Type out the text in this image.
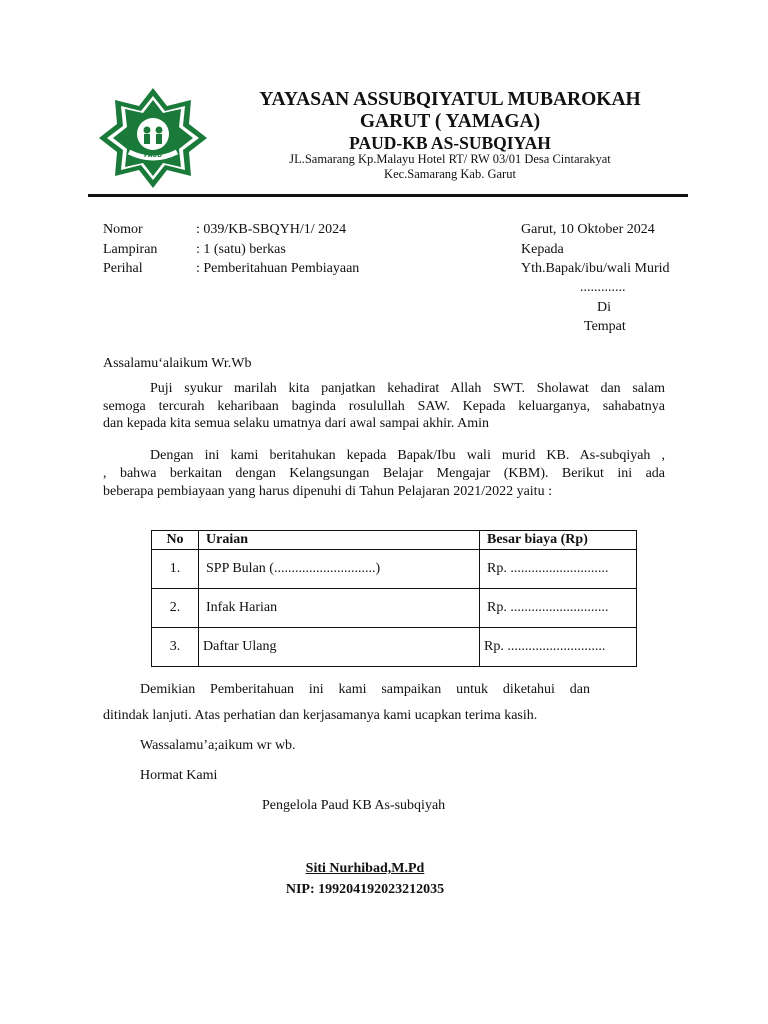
PAUD
YAYASAN ASSUBQIYATUL MUBAROKAH
GARUT ( YAMAGA)
PAUD-KB AS-SUBQIYAH
JL.Samarang Kp.Malayu Hotel RT/ RW 03/01 Desa Cintarakyat
Kec.Samarang Kab. Garut
Nomor	: 039/KB-SBQYH/1/ 2024
Lampiran	: 1 (satu) berkas
Perihal	: Pemberitahuan Pembiayaan
Garut, 10 Oktober 2024
Kepada
Yth.Bapak/ibu/wali Murid
.............
Di
Tempat
Assalamu‘alaikum Wr.Wb
Puji syukur marilah kita panjatkan kehadirat Allah SWT. Sholawat dan salam
semoga tercurah keharibaan baginda rosulullah SAW. Kepada keluarganya, sahabatnya
dan kepada kita semua selaku umatnya dari awal sampai akhir. Amin
Dengan ini kami beritahukan kepada Bapak/Ibu wali murid KB. As-subqiyah ,
, bahwa berkaitan dengan Kelangsungan Belajar Mengajar (KBM). Berikut ini ada
beberapa pembiayaan yang harus dipenuhi di Tahun Pelajaran 2021/2022 yaitu :
No	Uraian	Besar biaya (Rp)
1.	SPP Bulan (.............................)	Rp. ............................
2.	Infak Harian	Rp. ............................
3.	Daftar Ulang	Rp. ............................
Demikian Pemberitahuan ini kami sampaikan untuk diketahui dan
ditindak lanjuti. Atas perhatian dan kerjasamanya kami ucapkan terima kasih.
Wassalamu’a;aikum wr wb.
Hormat Kami
Pengelola Paud KB As-subqiyah
Siti Nurhibad,M.Pd
NIP: 199204192023212035
